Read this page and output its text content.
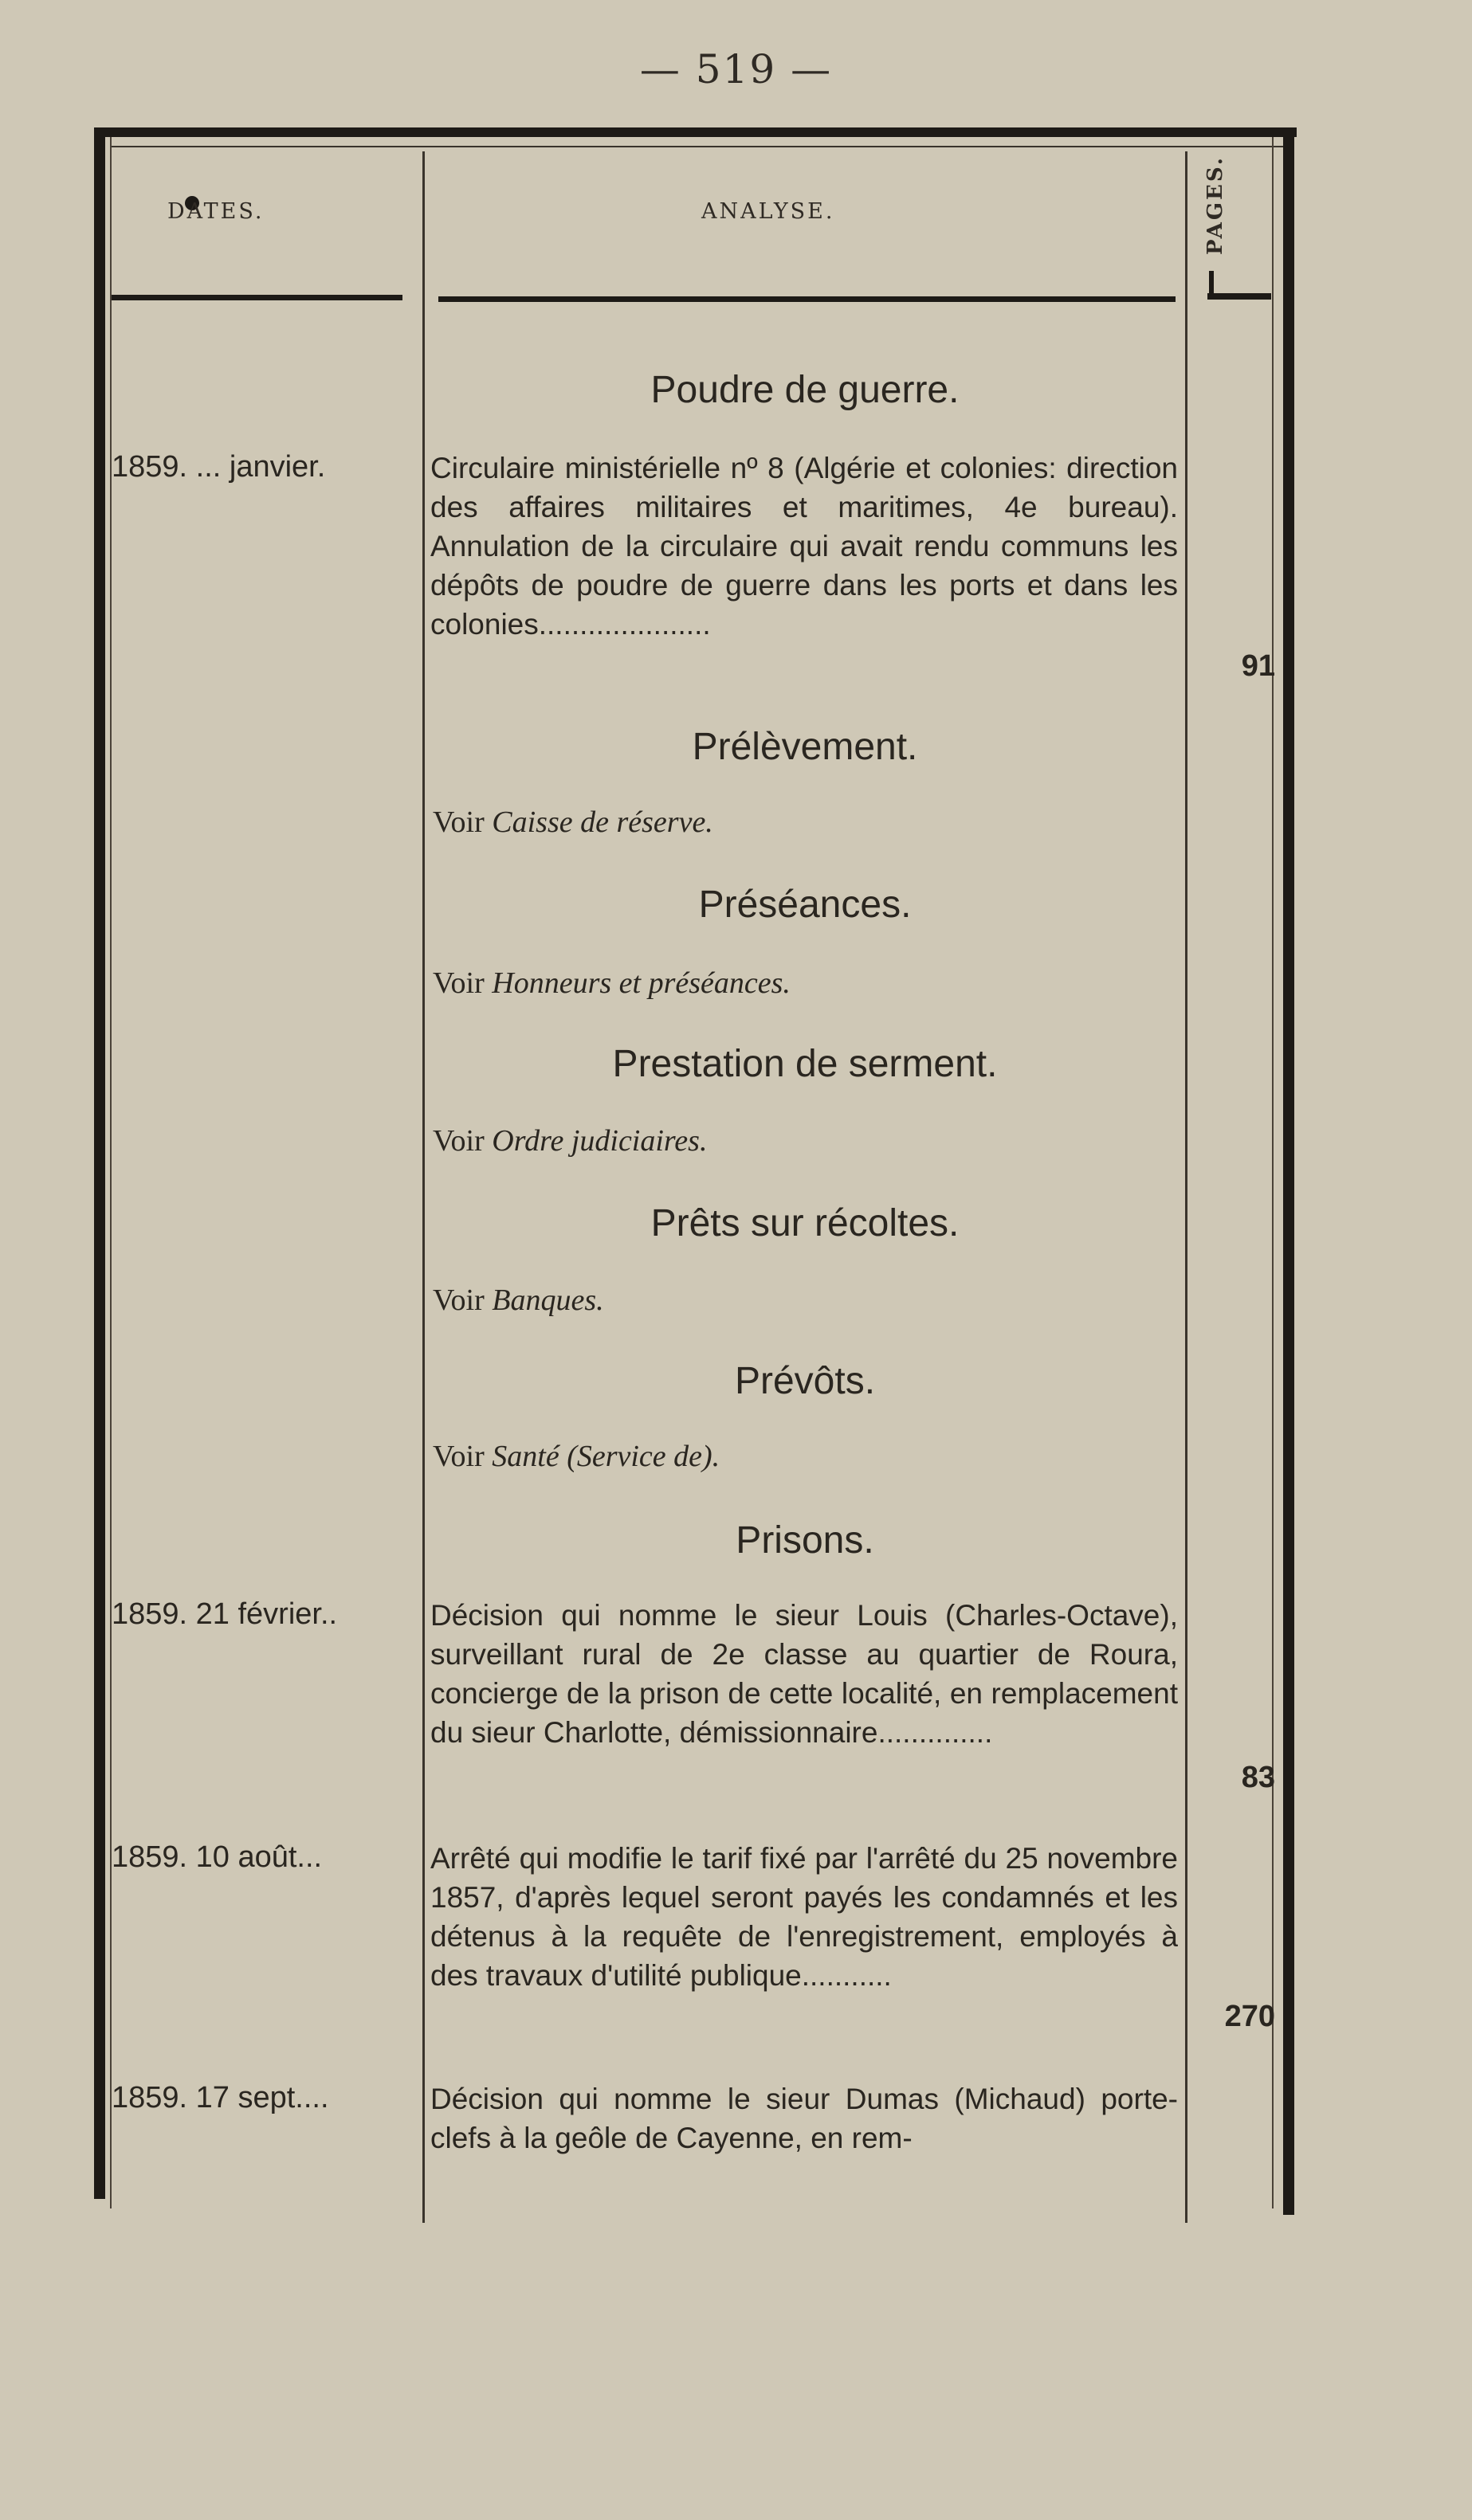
— 519 —
DATES.	ANALYSE.	PAGES.
Poudre de guerre.
1859. ... janvier.	Circulaire ministérielle nº 8 (Algérie et colonies: direction des affaires militaires et maritimes, 4e bureau). Annulation de la circulaire qui avait rendu communs les dépôts de poudre de guerre dans les ports et dans les colonies.....................

91
Prélèvement.
Voir Caisse de réserve.
Préséances.
Voir Honneurs et préséances.
Prestation de serment.
Voir Ordre judiciaires.
Prêts sur récoltes.
Voir Banques.
Prévôts.
Voir Santé (Service de).
Prisons.
1859. 21 février..	Décision qui nomme le sieur Louis (Charles-Octave), surveillant rural de 2e classe au quartier de Roura, concierge de la prison de cette localité, en remplacement du sieur Charlotte, démissionnaire..............

83
1859. 10 août...	Arrêté qui modifie le tarif fixé par l'arrêté du 25 novembre 1857, d'après lequel seront payés les condamnés et les détenus à la requête de l'enregistrement, employés à des travaux d'utilité publique...........

270
1859. 17 sept....	Décision qui nomme le sieur Dumas (Michaud) porte-clefs à la geôle de Cayenne, en rem-
